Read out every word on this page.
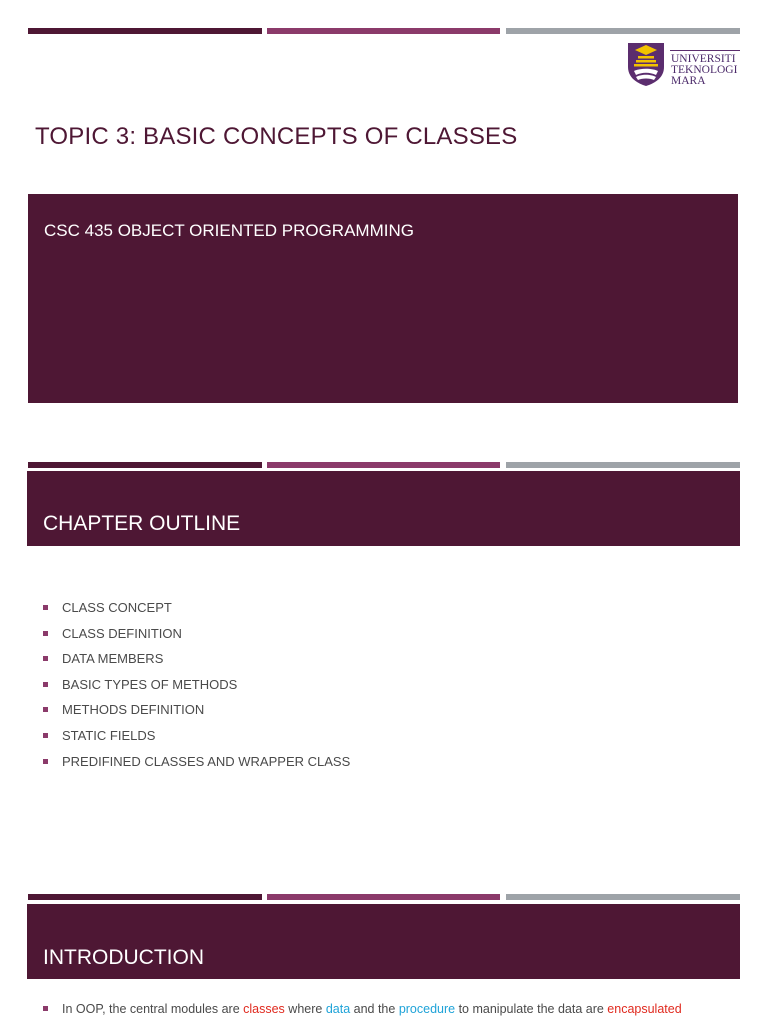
UNIVERSITI
TEKNOLOGI
MARA
TOPIC 3: BASIC CONCEPTS OF CLASSES
CSC 435 OBJECT ORIENTED PROGRAMMING
CHAPTER OUTLINE
CLASS CONCEPT
CLASS DEFINITION
DATA MEMBERS
BASIC TYPES OF METHODS
METHODS DEFINITION
STATIC FIELDS
PREDIFINED CLASSES AND WRAPPER CLASS
INTRODUCTION
In OOP, the central modules are classes where data and the procedure to manipulate the data are encapsulated
